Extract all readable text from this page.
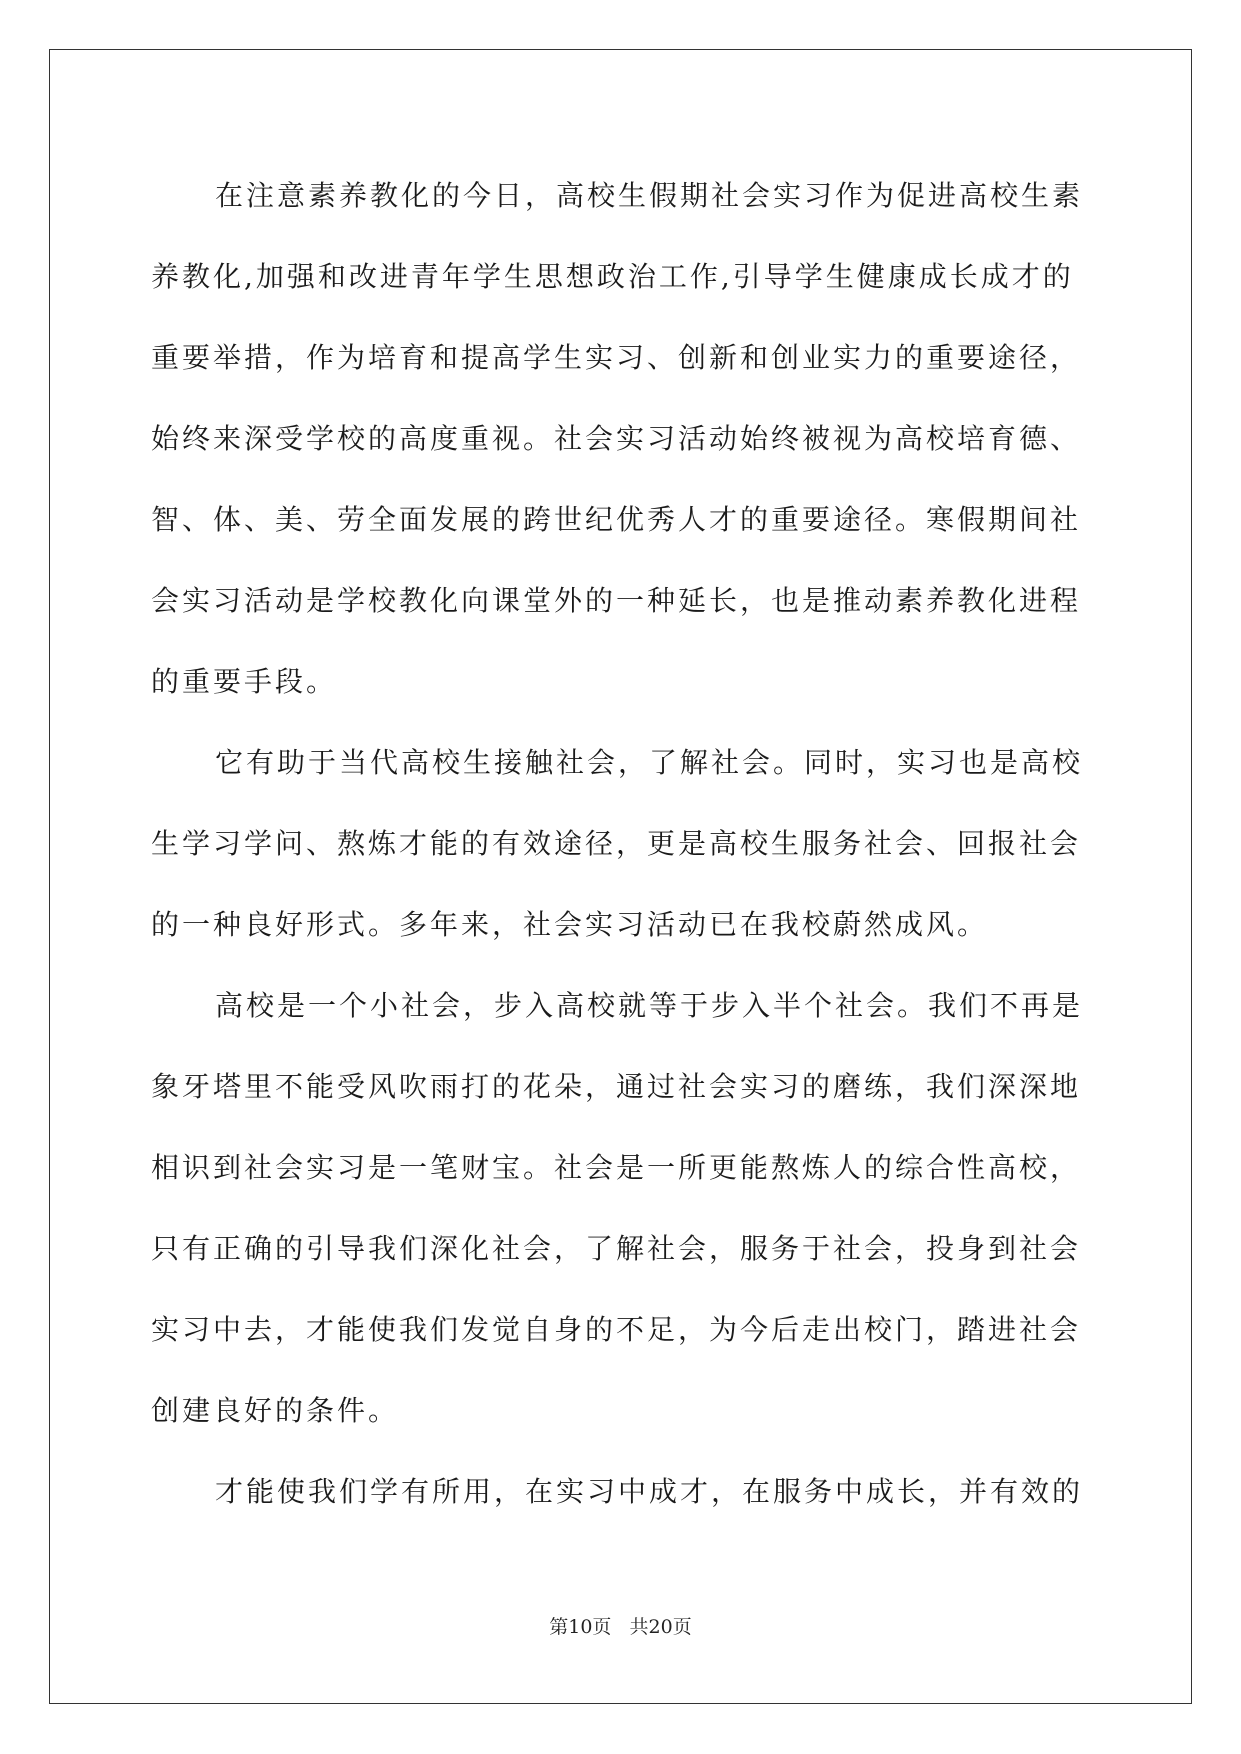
在注意素养教化的今日，高校生假期社会实习作为促进高校生素
养教化,加强和改进青年学生思想政治工作,引导学生健康成长成才的
重要举措，作为培育和提高学生实习、创新和创业实力的重要途径，
始终来深受学校的高度重视。社会实习活动始终被视为高校培育德、
智、体、美、劳全面发展的跨世纪优秀人才的重要途径。寒假期间社
会实习活动是学校教化向课堂外的一种延长，也是推动素养教化进程
的重要手段。
它有助于当代高校生接触社会，了解社会。同时，实习也是高校
生学习学问、熬炼才能的有效途径，更是高校生服务社会、回报社会
的一种良好形式。多年来，社会实习活动已在我校蔚然成风。
高校是一个小社会，步入高校就等于步入半个社会。我们不再是
象牙塔里不能受风吹雨打的花朵，通过社会实习的磨练，我们深深地
相识到社会实习是一笔财宝。社会是一所更能熬炼人的综合性高校，
只有正确的引导我们深化社会，了解社会，服务于社会，投身到社会
实习中去，才能使我们发觉自身的不足，为今后走出校门，踏进社会
创建良好的条件。
才能使我们学有所用，在实习中成才，在服务中成长，并有效的
第10页   共20页
